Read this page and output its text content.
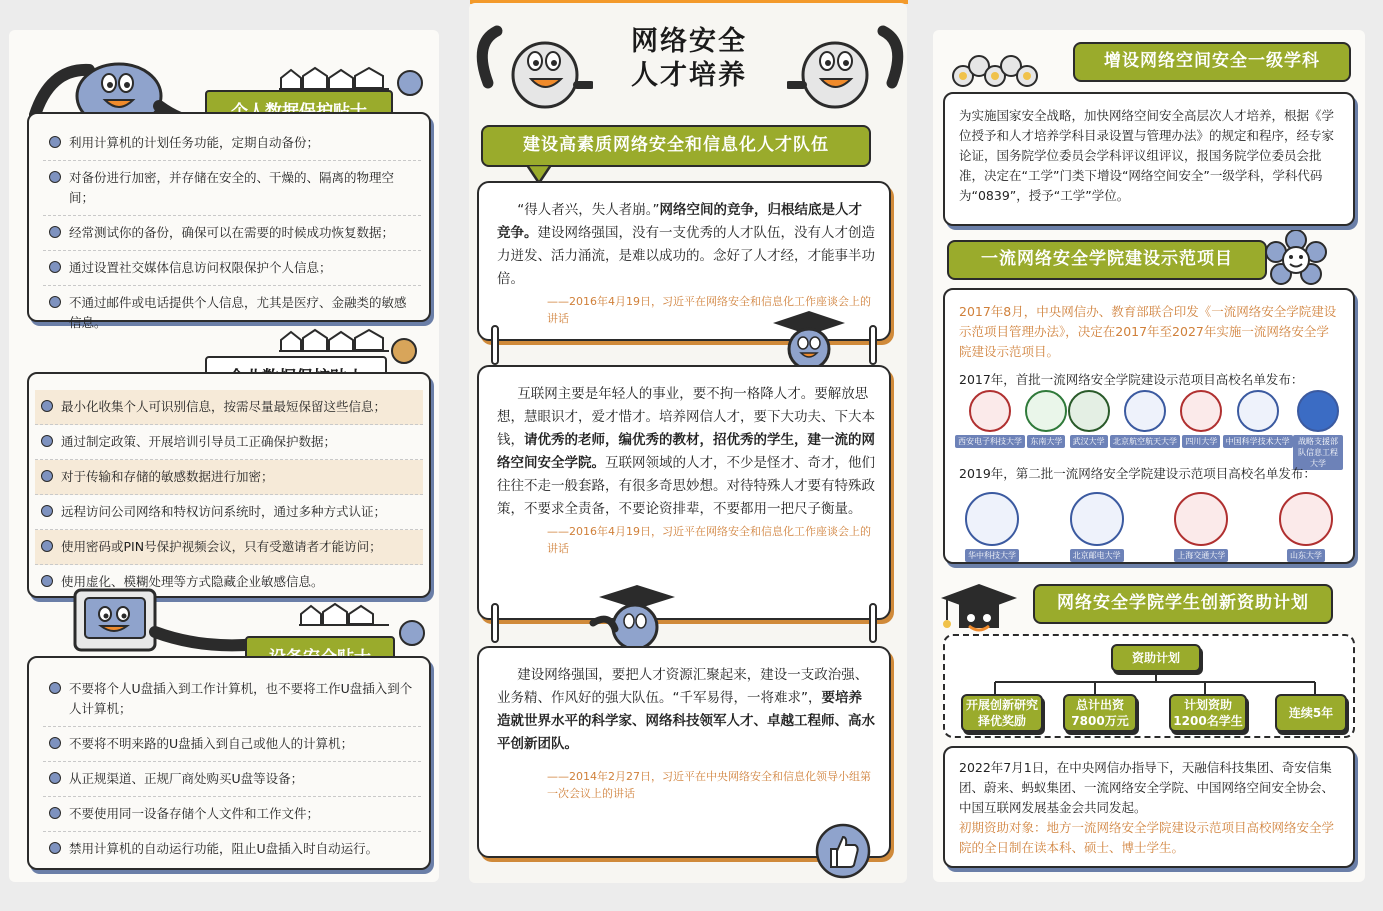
利用计算机的计划任务功能，定期自动备份；
对备份进行加密，并存储在安全的、干燥的、隔离的物理空间；
经常测试你的备份，确保可以在需要的时候成功恢复数据；
通过设置社交媒体信息访问权限保护个人信息；
不通过邮件或电话提供个人信息，尤其是医疗、金融类的敏感信息。
最小化收集个人可识别信息，按需尽量最短保留这些信息；
通过制定政策、开展培训引导员工正确保护数据；
对于传输和存储的敏感数据进行加密；
远程访问公司网络和特权访问系统时，通过多种方式认证；
使用密码或PIN号保护视频会议，只有受邀请者才能访问；
使用虚化、模糊处理等方式隐藏企业敏感信息。
不要将个人U盘插入到工作计算机，也不要将工作U盘插入到个人计算机；
不要将不明来路的U盘插入到自己或他人的计算机；
从正规渠道、正规厂商处购买U盘等设备；
不要使用同一设备存储个人文件和工作文件；
禁用计算机的自动运行功能，阻止U盘插入时自动运行。
网络安全
人才培养
建设高素质网络安全和信息化人才队伍

“得人者兴，失人者崩。”网络空间的竞争，归根结底是人才竞争。建设网络强国，没有一支优秀的人才队伍，没有人才创造力迸发、活力涌流，是难以成功的。念好了人才经，才能事半功倍。

——2016年4月19日，习近平在网络安全和信息化工作座谈会上的讲话

互联网主要是年轻人的事业，要不拘一格降人才。要解放思想，慧眼识才，爱才惜才。培养网信人才，要下大功夫、下大本钱，请优秀的老师，编优秀的教材，招优秀的学生，建一流的网络空间安全学院。互联网领域的人才，不少是怪才、奇才，他们往往不走一般套路，有很多奇思妙想。对待特殊人才要有特殊政策，不要求全责备，不要论资排辈，不要都用一把尺子衡量。

——2016年4月19日，习近平在网络安全和信息化工作座谈会上的讲话

建设网络强国，要把人才资源汇聚起来，建设一支政治强、业务精、作风好的强大队伍。“千军易得，一将难求”，要培养造就世界水平的科学家、网络科技领军人才、卓越工程师、高水平创新团队。

——2014年2月27日，习近平在中央网络安全和信息化领导小组第一次会议上的讲话

增设网络空间安全一级学科

为实施国家安全战略，加快网络空间安全高层次人才培养，根据《学位授予和人才培养学科目录设置与管理办法》的规定和程序，经专家论证，国务院学位委员会学科评议组评议，报国务院学位委员会批准，决定在“工学”门类下增设“网络空间安全”一级学科，学科代码为“0839”，授予“工学”学位。

一流网络安全学院建设示范项目

2017年8月，中央网信办、教育部联合印发《一流网络安全学院建设示范项目管理办法》，决定在2017年至2027年实施一流网络安全学院建设示范项目。

2017年，首批一流网络安全学院建设示范项目高校名单发布：

西安电子科技大学	东南大学	武汉大学	北京航空航天大学	四川大学	中国科学技术大学	战略支援部队信息工程大学

2019年，第二批一流网络安全学院建设示范项目高校名单发布：

华中科技大学	北京邮电大学	上海交通大学	山东大学
网络安全学院学生创新资助计划
资助计划
开展创新研究择优奖励
总计出资7800万元
计划资助1200名学生
连续5年

2022年7月1日，在中央网信办指导下，天融信科技集团、奇安信集团、蔚来、蚂蚁集团、一流网络安全学院、中国网络空间安全协会、中国互联网发展基金会共同发起。

初期资助对象：地方一流网络安全学院建设示范项目高校网络安全学院的全日制在读本科、硕士、博士学生。
